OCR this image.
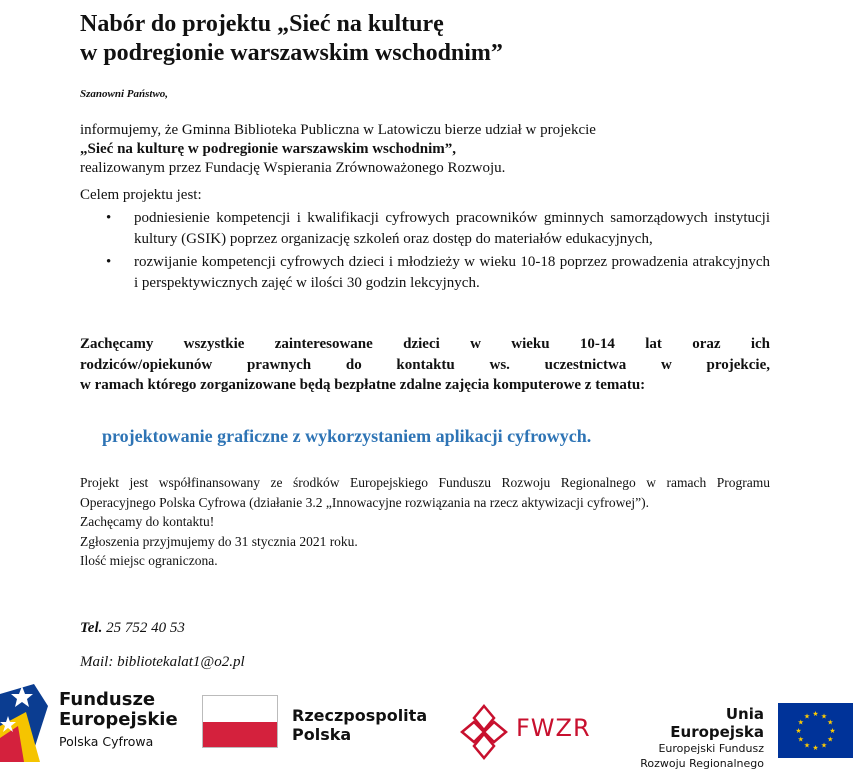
Nabór do projektu „Sieć na kulturę
w podregionie warszawskim wschodnim”
Szanowni Państwo,
informujemy, że Gminna Biblioteka Publiczna w Latowiczu bierze udział w projekcie
„Sieć na kulturę w podregionie warszawskim wschodnim”,
realizowanym przez Fundację Wspierania Zrównoważonego Rozwoju.
Celem projektu jest:
• podniesienie kompetencji i kwalifikacji cyfrowych pracowników gminnych samorządowych instytucji kultury (GSIK) poprzez organizację szkoleń oraz dostęp do materiałów edukacyjnych,
• rozwijanie kompetencji cyfrowych dzieci i młodzieży w wieku 10-18 poprzez prowadzenia atrakcyjnych i perspektywicznych zajęć w ilości 30 godzin lekcyjnych.
Zachęcamy wszystkie zainteresowane dzieci w wieku 10-14 lat oraz ich
rodziców/opiekunów prawnych do kontaktu ws. uczestnictwa w projekcie,
w ramach którego zorganizowane będą bezpłatne zdalne zajęcia komputerowe z tematu:
projektowanie graficzne z wykorzystaniem aplikacji cyfrowych.
Projekt jest współfinansowany ze środków Europejskiego Funduszu Rozwoju Regionalnego w ramach Programu Operacyjnego Polska Cyfrowa (działanie 3.2 „Innowacyjne rozwiązania na rzecz aktywizacji cyfrowej”).
Zachęcamy do kontaktu!
Zgłoszenia przyjmujemy do 31 stycznia 2021 roku.
Ilość miejsc ograniczona.
Tel. 25 752 40 53
Mail: bibliotekalat1@o2.pl
Fundusze
Europejskie
Polska Cyfrowa
Rzeczpospolita
Polska	FWZR	Unia Europejska
Europejski Fundusz
Rozwoju Regionalnego
★
★
★
★
★
★
★
★
★ ★ ★
★
